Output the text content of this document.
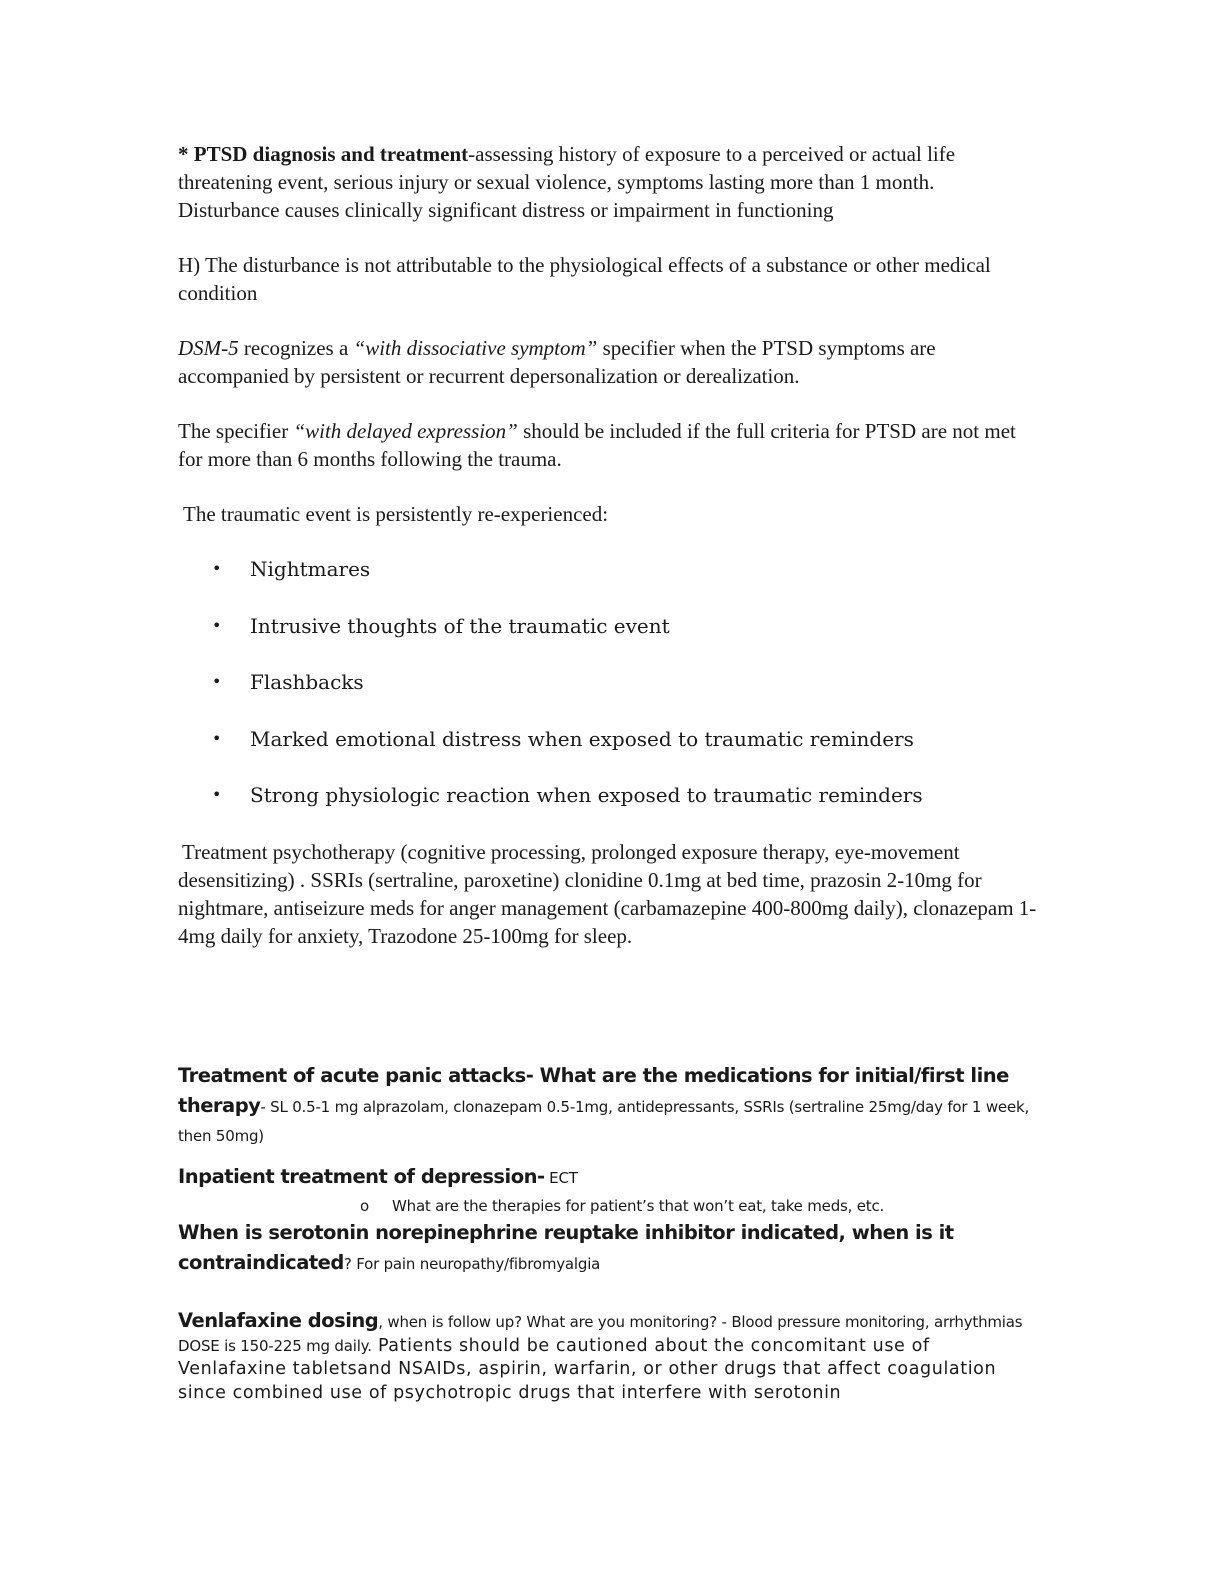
* PTSD diagnosis and treatment-assessing history of exposure to a perceived or actual life threatening event, serious injury or sexual violence, symptoms lasting more than 1 month. Disturbance causes clinically significant distress or impairment in functioning

H) The disturbance is not attributable to the physiological effects of a substance or other medical condition

DSM-5 recognizes a “with dissociative symptom” specifier when the PTSD symptoms are accompanied by persistent or recurrent depersonalization or derealization.

The specifier “with delayed expression” should be included if the full criteria for PTSD are not met for more than 6 months following the trauma.

The traumatic event is persistently re-experienced:

• Nightmares
• Intrusive thoughts of the traumatic event
• Flashbacks
• Marked emotional distress when exposed to traumatic reminders
• Strong physiologic reaction when exposed to traumatic reminders

Treatment psychotherapy (cognitive processing, prolonged exposure therapy, eye-movement desensitizing) . SSRIs (sertraline, paroxetine) clonidine 0.1mg at bed time, prazosin 2-10mg for nightmare, antiseizure meds for anger management (carbamazepine 400-800mg daily), clonazepam 1-4mg daily for anxiety, Trazodone 25-100mg for sleep.

Treatment of acute panic attacks- What are the medications for initial/first line therapy- SL 0.5-1 mg alprazolam, clonazepam 0.5-1mg, antidepressants, SSRIs (sertraline 25mg/day for 1 week, then 50mg)

Inpatient treatment of depression- ECT

o What are the therapies for patient’s that won’t eat, take meds, etc.

When is serotonin norepinephrine reuptake inhibitor indicated, when is it contraindicated? For pain neuropathy/fibromyalgia

Venlafaxine dosing, when is follow up? What are you monitoring? - Blood pressure monitoring, arrhythmias DOSE is 150-225 mg daily. Patients should be cautioned about the concomitant use of Venlafaxine tabletsand NSAIDs, aspirin, warfarin, or other drugs that affect coagulation since combined use of psychotropic drugs that interfere with serotonin
